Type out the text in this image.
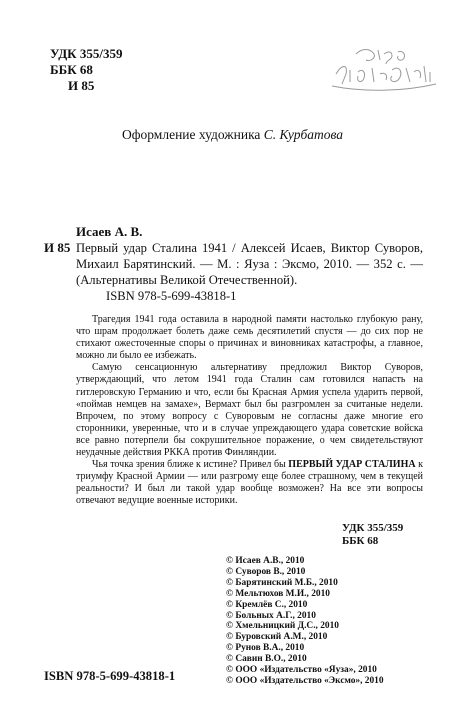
УДК 355/359
ББК 68
И 85
Оформление художника С. Курбатова
Исаев А. В.
И 85 Первый удар Сталина 1941 / Алексей Исаев, Виктор Суворов, Михаил Барятинский. — М. : Яуза : Эксмо, 2010. — 352 с. — (Альтернативы Великой Отечественной).
ISBN 978-5-699-43818-1

Трагедия 1941 года оставила в народной памяти настолько глубокую рану, что шрам продолжает болеть даже семь десятилетий спустя — до сих пор не стихают ожесточенные споры о причинах и виновниках катастрофы, а главное, можно ли было ее избежать.

Самую сенсационную альтернативу предложил Виктор Суворов, утверждающий, что летом 1941 года Сталин сам готовился напасть на гитлеровскую Германию и что, если бы Красная Армия успела ударить первой, «поймав немцев на замахе», Вермахт был бы разгромлен за считаные недели. Впрочем, по этому вопросу с Суворовым не согласны даже многие его сторонники, уверенные, что и в случае упреждающего удара советские войска все равно потерпели бы сокрушительное поражение, о чем свидетельствуют неудачные действия РККА против Финляндии.

Чья точка зрения ближе к истине? Привел бы ПЕРВЫЙ УДАР СТАЛИНА к триумфу Красной Армии — или разгрому еще более страшному, чем в текущей реальности? И был ли такой удар вообще возможен? На все эти вопросы отвечают ведущие военные историки.

УДК 355/359
ББК 68
© Исаев А.В., 2010
© Суворов В., 2010
© Барятинский М.Б., 2010
© Мельтюхов М.И., 2010
© Кремлёв С., 2010
© Больных А.Г., 2010
© Хмельницкий Д.С., 2010
© Буровский А.М., 2010
© Рунов В.А., 2010
© Савин В.О., 2010
© ООО «Издательство «Яуза», 2010
© ООО «Издательство «Эксмо», 2010
ISBN 978-5-699-43818-1
